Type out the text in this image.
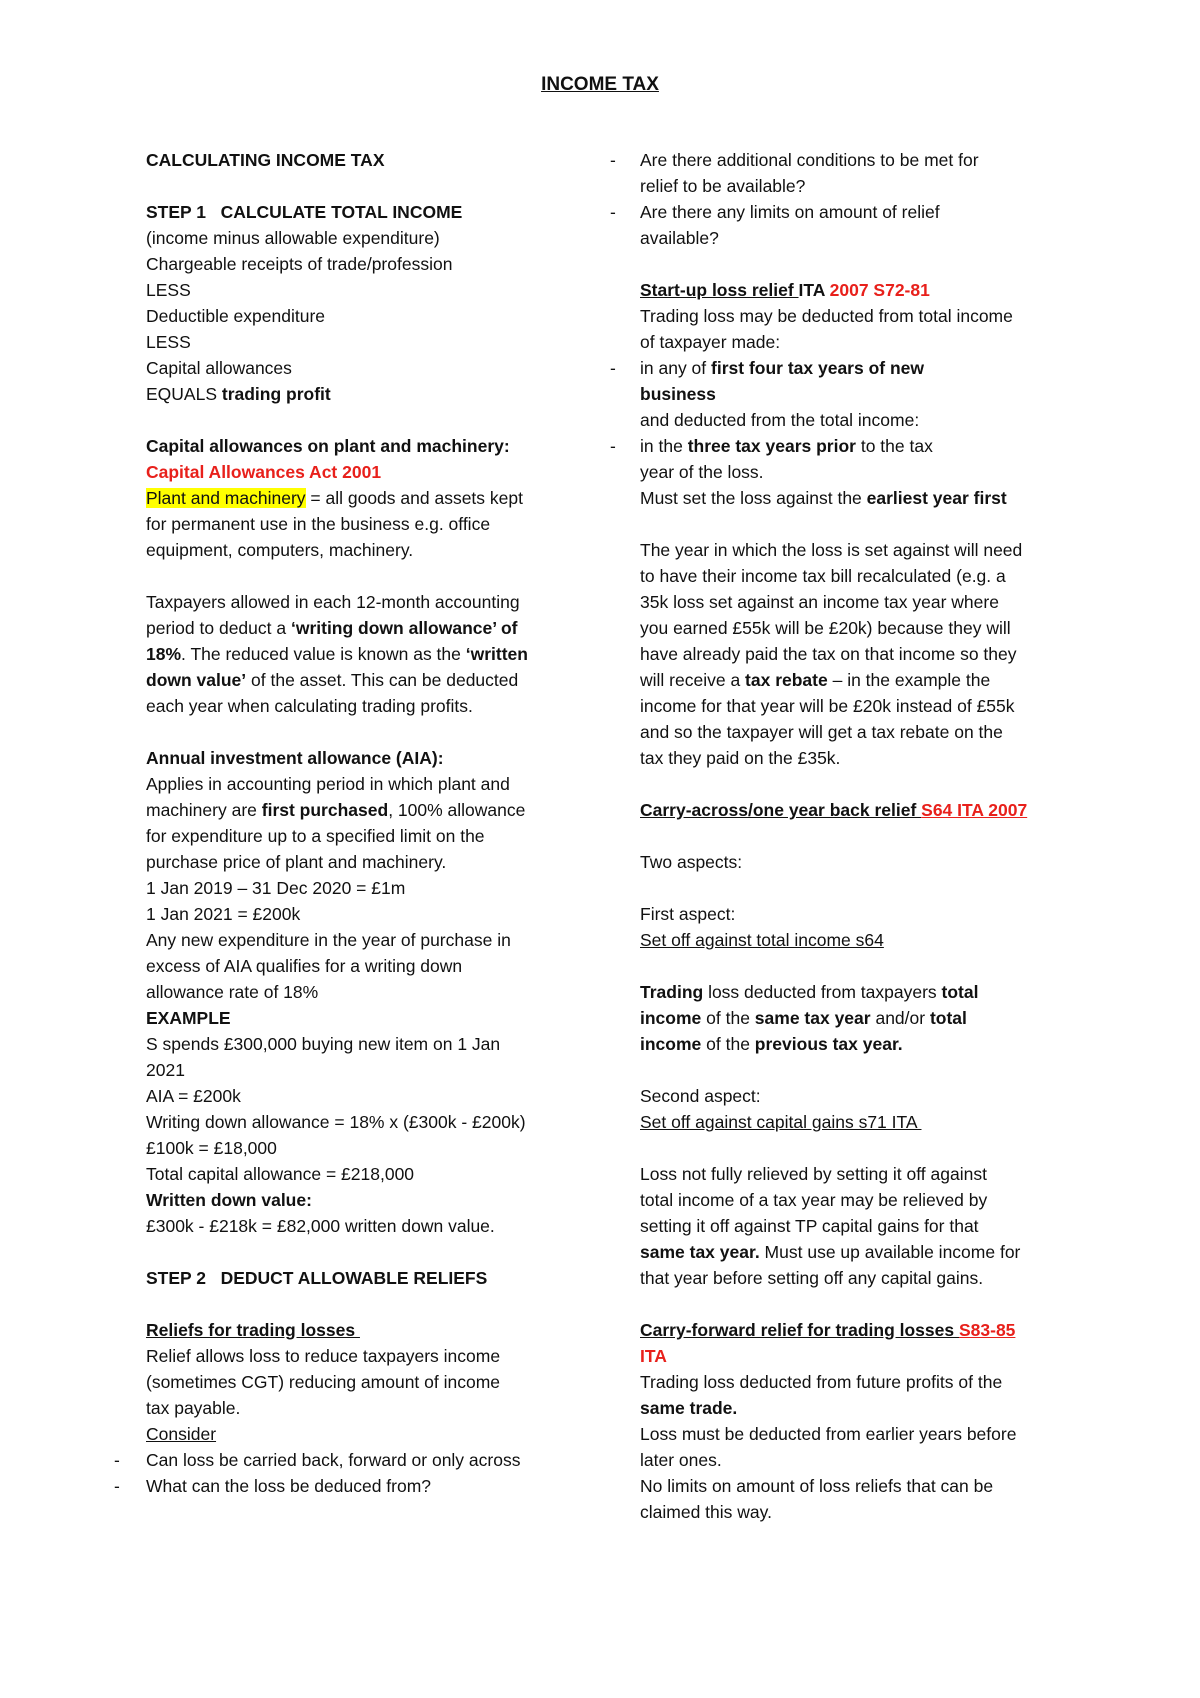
INCOME TAX

CALCULATING INCOME TAX

STEP 1   CALCULATE TOTAL INCOME

(income minus allowable expenditure)

Chargeable receipts of trade/profession

LESS

Deductible expenditure

LESS

Capital allowances

EQUALS trading profit

Capital allowances on plant and machinery:

Capital Allowances Act 2001

Plant and machinery = all goods and assets kept

for permanent use in the business e.g. office

equipment, computers, machinery.

Taxpayers allowed in each 12-month accounting

period to deduct a ‘writing down allowance’ of

18%. The reduced value is known as the ‘written

down value’ of the asset. This can be deducted

each year when calculating trading profits.

Annual investment allowance (AIA):

Applies in accounting period in which plant and

machinery are first purchased, 100% allowance

for expenditure up to a specified limit on the

purchase price of plant and machinery.

1 Jan 2019 – 31 Dec 2020 = £1m

1 Jan 2021 = £200k

Any new expenditure in the year of purchase in

excess of AIA qualifies for a writing down

allowance rate of 18%

EXAMPLE

S spends £300,000 buying new item on 1 Jan

2021

AIA = £200k

Writing down allowance = 18% x (£300k - £200k)

£100k = £18,000

Total capital allowance = £218,000

Written down value:

£300k - £218k = £82,000 written down value.

STEP 2   DEDUCT ALLOWABLE RELIEFS

Reliefs for trading losses

Relief allows loss to reduce taxpayers income

(sometimes CGT) reducing amount of income

tax payable.

Consider

-	Can loss be carried back, forward or only across
-	What can the loss be deduced from?
-	Are there additional conditions to be met for relief to be available?
-	Are there any limits on amount of relief available?

Start-up loss relief ITA 2007 S72-81

Trading loss may be deducted from total income

of taxpayer made:

-	in any of first four tax years of new business

and deducted from the total income:

-	in the three tax years prior to the tax year of the loss.

Must set the loss against the earliest year first

The year in which the loss is set against will need

to have their income tax bill recalculated (e.g. a

35k loss set against an income tax year where

you earned £55k will be £20k) because they will

have already paid the tax on that income so they

will receive a tax rebate – in the example the

income for that year will be £20k instead of £55k

and so the taxpayer will get a tax rebate on the

tax they paid on the £35k.

Carry-across/one year back relief S64 ITA 2007

Two aspects:

First aspect:

Set off against total income s64

Trading loss deducted from taxpayers total

income of the same tax year and/or total

income of the previous tax year.

Second aspect:

Set off against capital gains s71 ITA

Loss not fully relieved by setting it off against

total income of a tax year may be relieved by

setting it off against TP capital gains for that

same tax year. Must use up available income for

that year before setting off any capital gains.

Carry-forward relief for trading losses S83-85

ITA

Trading loss deducted from future profits of the

same trade.

Loss must be deducted from earlier years before

later ones.

No limits on amount of loss reliefs that can be

claimed this way.
